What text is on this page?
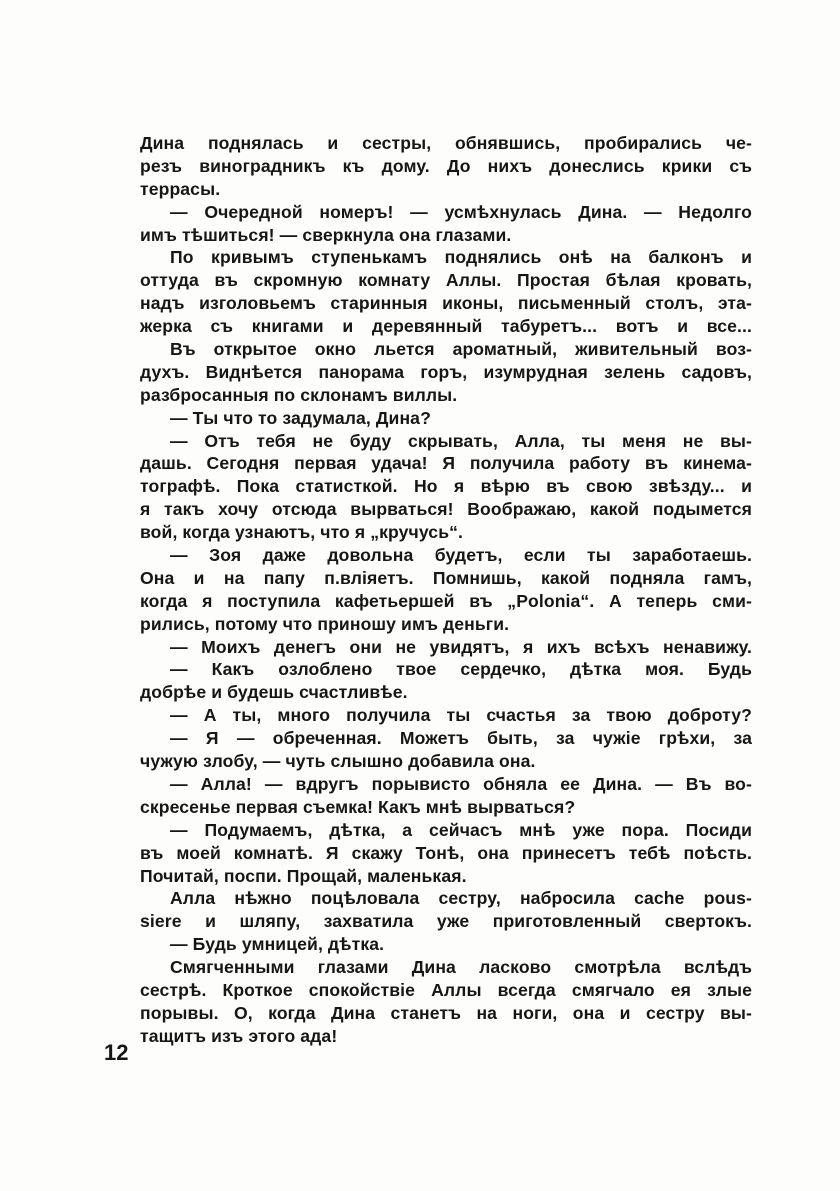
Дина поднялась и сестры, обнявшись, пробирались че-
резъ виноградникъ къ дому. До нихъ донеслись крики съ
террасы.
— Очередной номеръ! — усмѣхнулась Дина. — Недолго
имъ тѣшиться! — сверкнула она глазами.
По кривымъ ступенькамъ поднялись онѣ на балконъ и
оттуда въ скромную комнату Аллы. Простая бѣлая кровать,
надъ изголовьемъ старинныя иконы, письменный столъ, эта-
жерка съ книгами и деревянный табуретъ... вотъ и все...
Въ открытое окно льется ароматный, живительный воз-
духъ. Виднѣется панорама горъ, изумрудная зелень садовъ,
разбросанныя по склонамъ виллы.
— Ты что то задумала, Дина?
— Отъ тебя не буду скрывать, Алла, ты меня не вы-
дашь. Сегодня первая удача! Я получила работу въ кинема-
тографѣ. Пока статисткой. Но я вѣрю въ свою звѣзду... и
я такъ хочу отсюда вырваться! Воображаю, какой подымется
вой, когда узнаютъ, что я „кручусь“.
— Зоя даже довольна будетъ, если ты заработаешь.
Она и на папу п.влiяетъ. Помнишь, какой подняла гамъ,
когда я поступила кафетьершей въ „Polonia“. А теперь сми-
рились, потому что приношу имъ деньги.
— Моихъ денегъ они не увидятъ, я ихъ всѣхъ ненавижу.
— Какъ озлоблено твое сердечко, дѣтка моя. Будь
добрѣе и будешь счастливѣе.
— А ты, много получила ты счастья за твою доброту?
— Я — обреченная. Можетъ быть, за чужiе грѣхи, за
чужую злобу, — чуть слышно добавила она.
— Алла! — вдругъ порывисто обняла ее Дина. — Въ во-
скресенье первая съемка! Какъ мнѣ вырваться?
— Подумаемъ, дѣтка, а сейчасъ мнѣ уже пора. Посиди
въ моей комнатѣ. Я скажу Тонѣ, она принесетъ тебѣ поѣсть.
Почитай, поспи. Прощай, маленькая.
Алла нѣжно поцѣловала сестру, набросила cache pous-
siere и шляпу, захватила уже приготовленный свертокъ.
— Будь умницей, дѣтка.
Смягченными глазами Дина ласково смотрѣла вслѣдъ
сестрѣ. Кроткое спокойствiе Аллы всегда смягчало ея злые
порывы. О, когда Дина станетъ на ноги, она и сестру вы-
тащитъ изъ этого ада!
12
